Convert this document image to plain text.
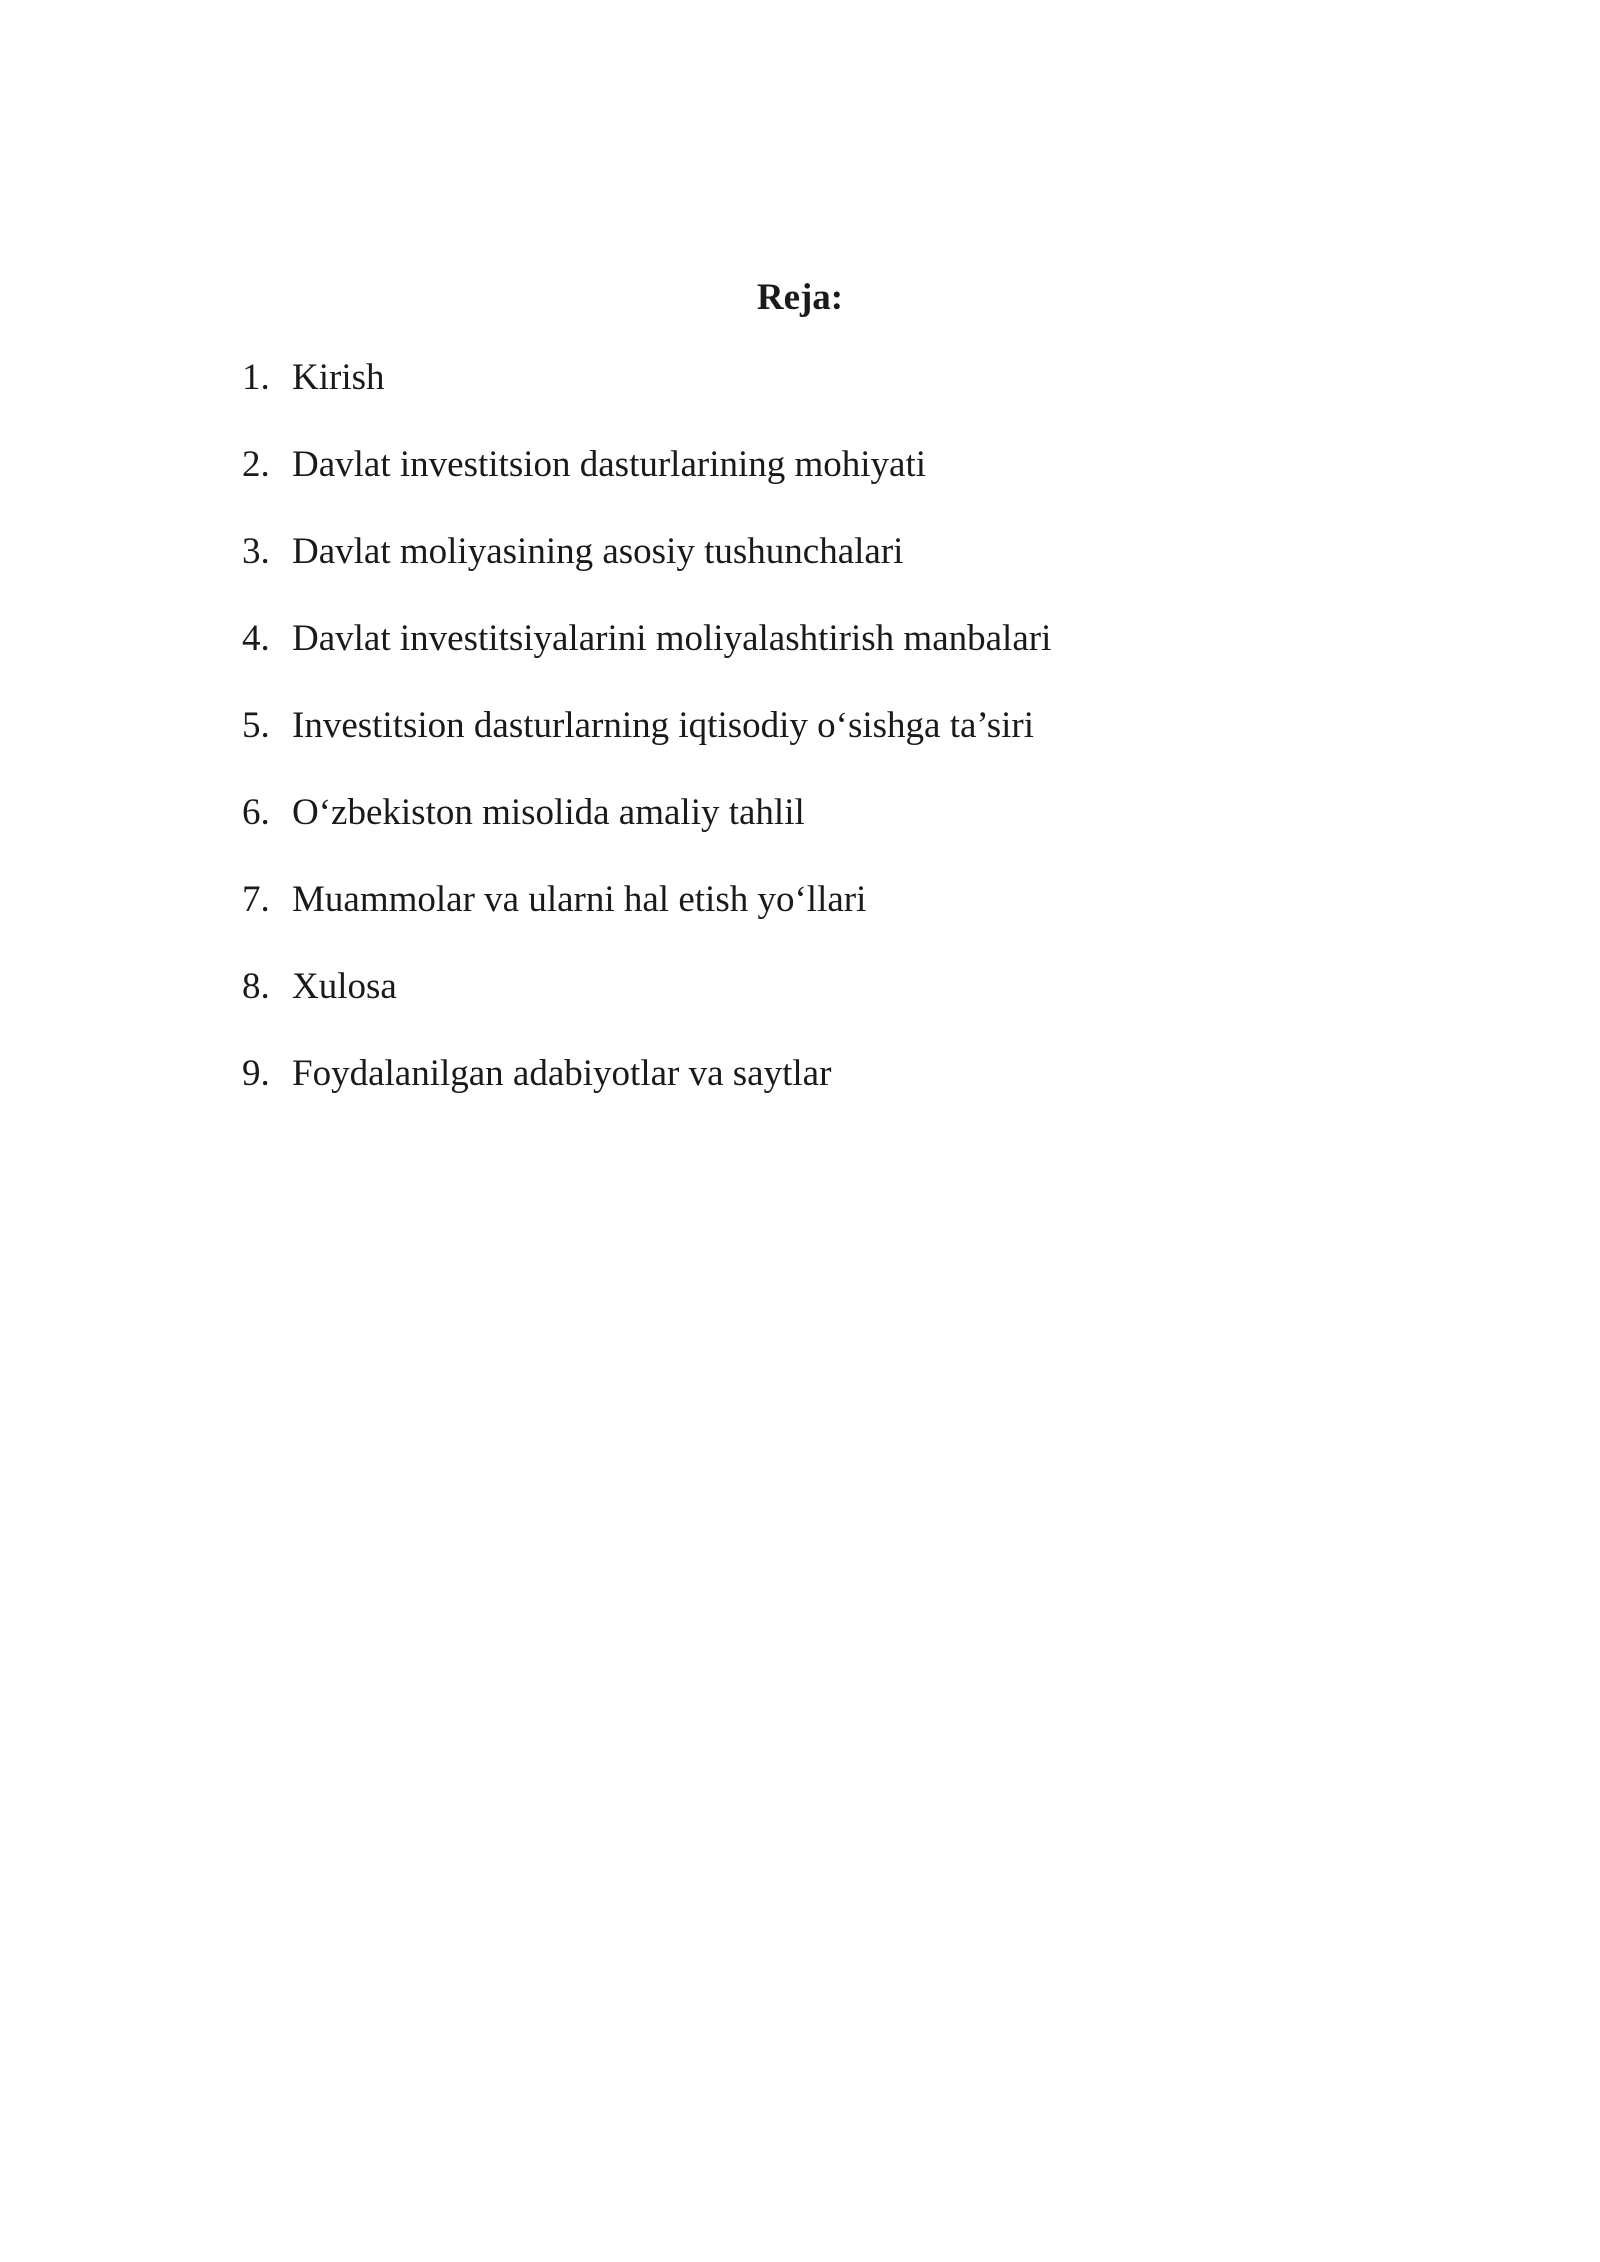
Reja:
1. Kirish
2. Davlat investitsion dasturlarining mohiyati
3. Davlat moliyasining asosiy tushunchalari
4. Davlat investitsiyalarini moliyalashtirish manbalari
5. Investitsion dasturlarning iqtisodiy o‘sishga ta’siri
6. O‘zbekiston misolida amaliy tahlil
7. Muammolar va ularni hal etish yo‘llari
8. Xulosa
9. Foydalanilgan adabiyotlar va saytlar
